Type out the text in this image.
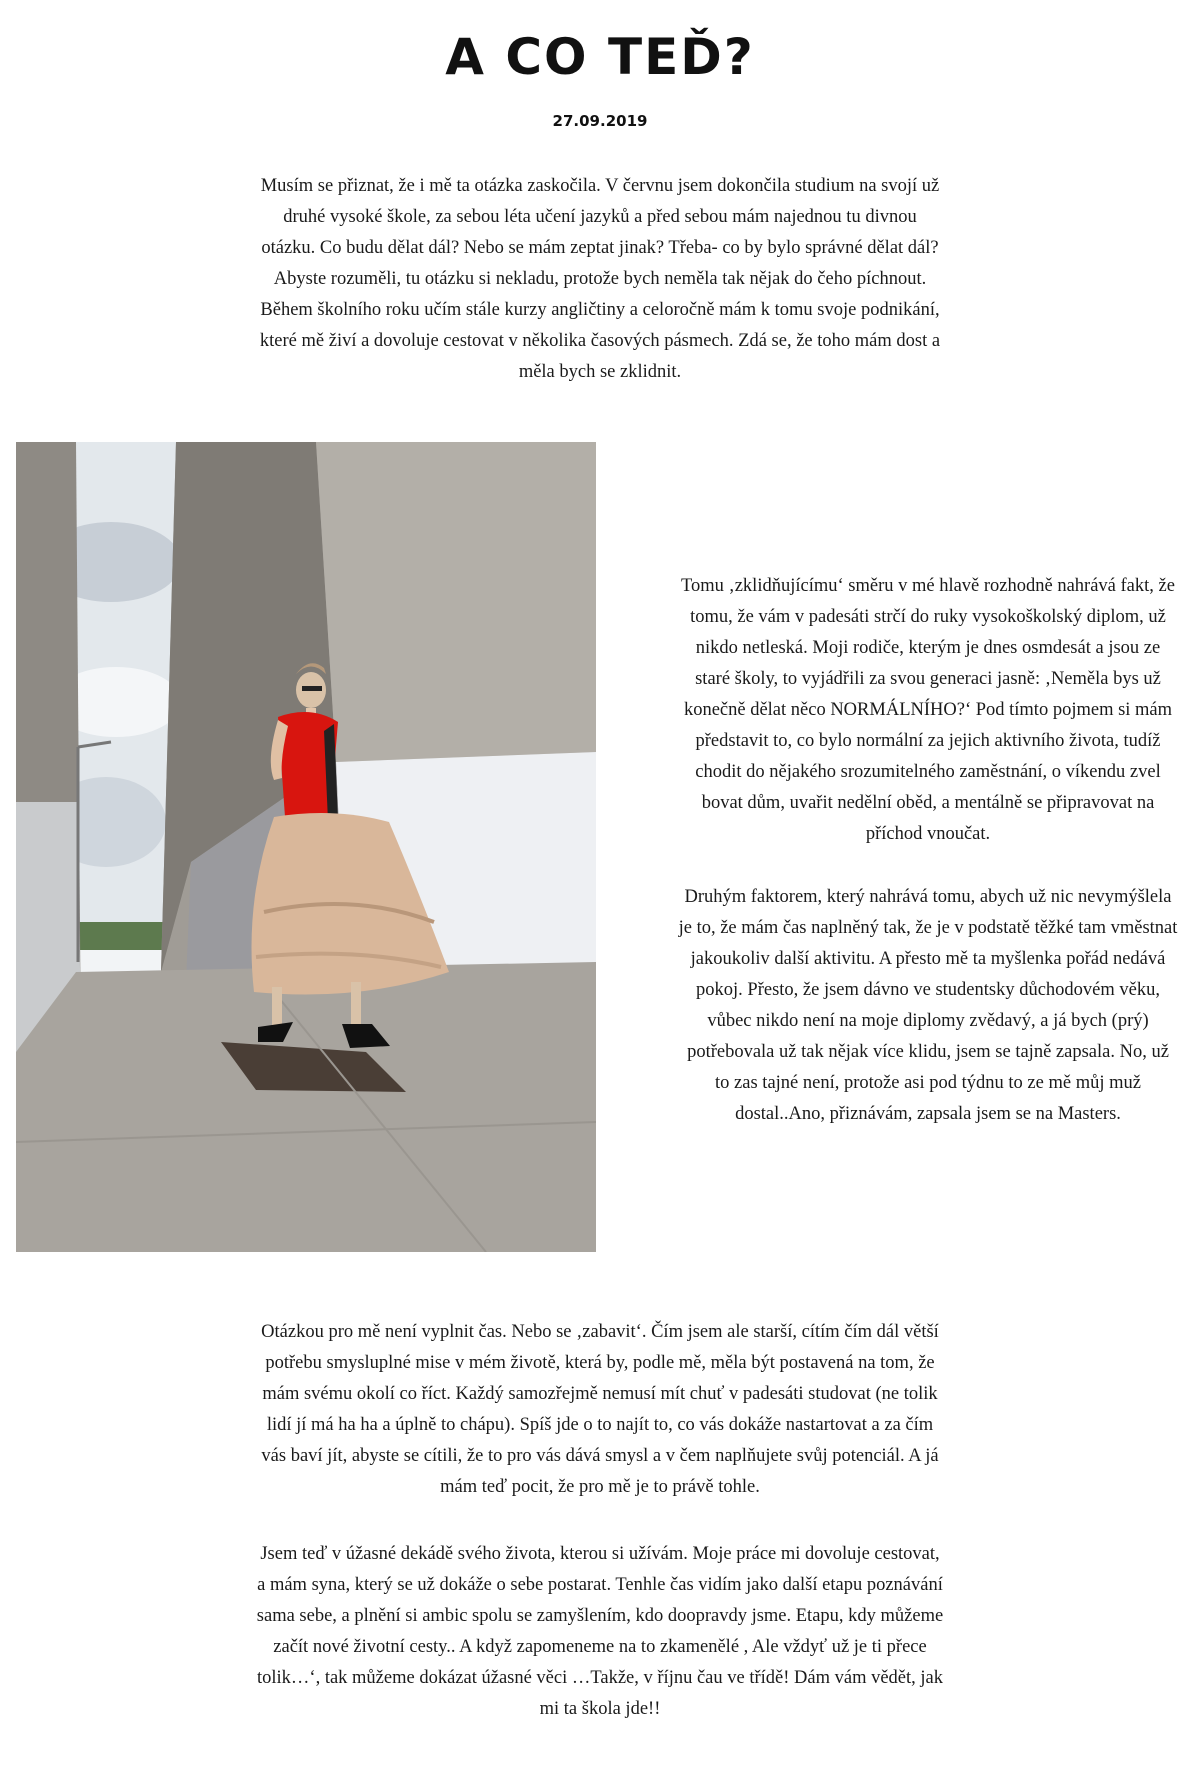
A CO TEĎ?
27.09.2019

Musím se přiznat, že i mě ta otázka zaskočila. V červnu jsem dokončila studium na svojí už druhé vysoké škole, za sebou léta učení jazyků a před sebou mám najednou tu divnou otázku. Co budu dělat dál? Nebo se mám zeptat jinak? Třeba- co by bylo správné dělat dál? Abyste rozuměli, tu otázku si nekladu, protože bych neměla tak nějak do čeho píchnout. Během školního roku učím stále kurzy angličtiny a celoročně mám k tomu svoje podnikání, které mě živí a dovoluje cestovat v několika časových pásmech. Zdá se, že toho mám dost a měla bych se zklidnit.

Tomu ‚zklidňujícímu‘ směru v mé hlavě rozhodně nahrává fakt, že tomu, že vám v padesáti strčí do ruky vysokoškolský diplom, už nikdo netleská. Moji rodiče, kterým je dnes osmdesát a jsou ze staré školy, to vyjádřili za svou generaci jasně: ‚Neměla bys už konečně dělat něco NORMÁLNÍHO?‘ Pod tímto pojmem si mám představit to, co bylo normální za jejich aktivního života, tudíž chodit do nějakého srozumitelného zaměstnání, o víkendu zvel bovat dům, uvařit nedělní oběd, a mentálně se připravovat na příchod vnoučat.

Druhým faktorem, který nahrává tomu, abych už nic nevymýšlela je to, že mám čas naplněný tak, že je v podstatě těžké tam vměstnat jakoukoliv další aktivitu. A přesto mě ta myšlenka pořád nedává pokoj. Přesto, že jsem dávno ve studentsky důchodovém věku, vůbec nikdo není na moje diplomy zvědavý, a já bych (prý) potřebovala už tak nějak více klidu, jsem se tajně zapsala. No, už to zas tajné není, protože asi pod týdnu to ze mě můj muž dostal..Ano, přiznávám, zapsala jsem se na Masters.

Otázkou pro mě není vyplnit čas. Nebo se ‚zabavit‘. Čím jsem ale starší, cítím čím dál větší potřebu smysluplné mise v mém životě, která by, podle mě, měla být postavená na tom, že mám svému okolí co říct. Každý samozřejmě nemusí mít chuť v padesáti studovat (ne tolik lidí jí má ha ha a úplně to chápu). Spíš jde o to najít to, co vás dokáže nastartovat a za čím vás baví jít, abyste se cítili, že to pro vás dává smysl a v čem naplňujete svůj potenciál. A já mám teď pocit, že pro mě je to právě tohle.

Jsem teď v úžasné dekádě svého života, kterou si užívám. Moje práce mi dovoluje cestovat, a mám syna, který se už dokáže o sebe postarat. Tenhle čas vidím jako další etapu poznávání sama sebe, a plnění si ambic spolu se zamyšlením, kdo doopravdy jsme. Etapu, kdy můžeme začít nové životní cesty.. A když zapomeneme na to zkamenělé , Ale vždyť už je ti přece tolik…‘, tak můžeme dokázat úžasné věci …Takže, v říjnu čau ve třídě! Dám vám vědět, jak mi ta škola jde!!
